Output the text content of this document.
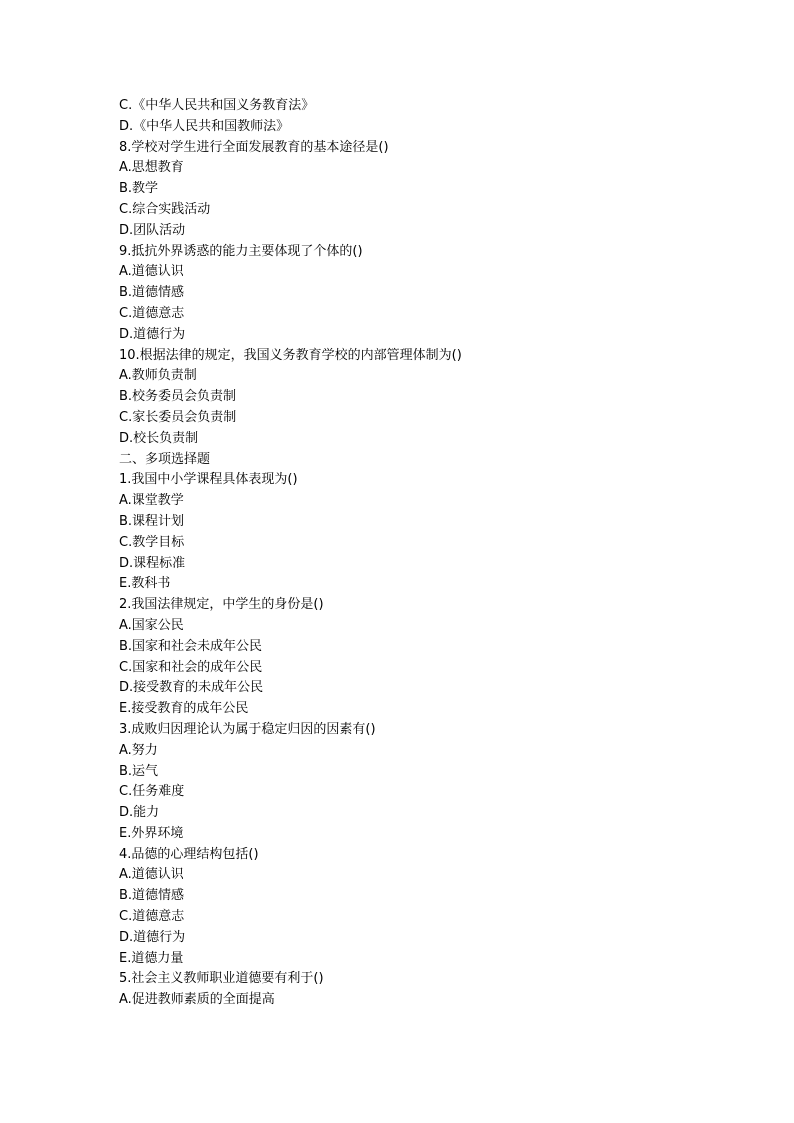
C.《中华人民共和国义务教育法》
D.《中华人民共和国教师法》
8.学校对学生进行全面发展教育的基本途径是()
A.思想教育
B.教学
C.综合实践活动
D.团队活动
9.抵抗外界诱惑的能力主要体现了个体的()
A.道德认识
B.道德情感
C.道德意志
D.道德行为
10.根据法律的规定，我国义务教育学校的内部管理体制为()
A.教师负责制
B.校务委员会负责制
C.家长委员会负责制
D.校长负责制
二、多项选择题
1.我国中小学课程具体表现为()
A.课堂教学
B.课程计划
C.教学目标
D.课程标准
E.教科书
2.我国法律规定，中学生的身份是()
A.国家公民
B.国家和社会未成年公民
C.国家和社会的成年公民
D.接受教育的未成年公民
E.接受教育的成年公民
3.成败归因理论认为属于稳定归因的因素有()
A.努力
B.运气
C.任务难度
D.能力
E.外界环境
4.品德的心理结构包括()
A.道德认识
B.道德情感
C.道德意志
D.道德行为
E.道德力量
5.社会主义教师职业道德要有利于()
A.促进教师素质的全面提高
